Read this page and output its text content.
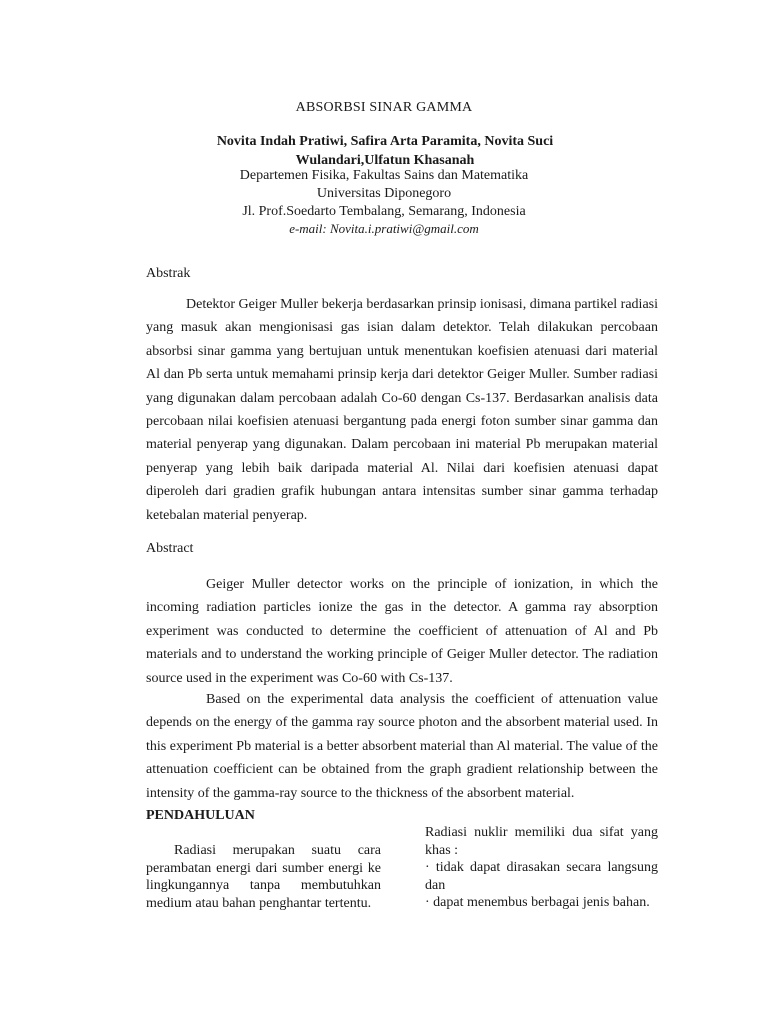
ABSORBSI SINAR GAMMA
Novita Indah Pratiwi, Safira Arta Paramita, Novita Suci Wulandari,Ulfatun Khasanah
Departemen Fisika, Fakultas Sains dan Matematika
Universitas Diponegoro
Jl. Prof.Soedarto Tembalang, Semarang, Indonesia
e-mail: Novita.i.pratiwi@gmail.com
Abstrak

Detektor Geiger Muller bekerja berdasarkan prinsip ionisasi, dimana partikel radiasi yang masuk akan mengionisasi gas isian dalam detektor. Telah dilakukan percobaan absorbsi sinar gamma yang bertujuan untuk menentukan koefisien atenuasi dari material Al dan Pb serta untuk memahami prinsip kerja dari detektor Geiger Muller. Sumber radiasi yang digunakan dalam percobaan adalah Co-60 dengan Cs-137. Berdasarkan analisis data percobaan nilai koefisien atenuasi bergantung pada energi foton sumber sinar gamma dan material penyerap yang digunakan. Dalam percobaan ini material Pb merupakan material penyerap yang lebih baik daripada material Al. Nilai dari koefisien atenuasi dapat diperoleh dari gradien grafik hubungan antara intensitas sumber sinar gamma terhadap ketebalan material penyerap.

Abstract

Geiger Muller detector works on the principle of ionization, in which the incoming radiation particles ionize the gas in the detector. A gamma ray absorption experiment was conducted to determine the coefficient of attenuation of Al and Pb materials and to understand the working principle of Geiger Muller detector. The radiation source used in the experiment was Co-60 with Cs-137.

Based on the experimental data analysis the coefficient of attenuation value depends on the energy of the gamma ray source photon and the absorbent material used. In this experiment Pb material is a better absorbent material than Al material. The value of the attenuation coefficient can be obtained from the graph gradient relationship between the intensity of the gamma-ray source to the thickness of the absorbent material.

PENDAHULUAN

Radiasi merupakan suatu cara perambatan energi dari sumber energi ke lingkungannya tanpa membutuhkan medium atau bahan penghantar tertentu.

Radiasi nuklir memiliki dua sifat yang khas :
· tidak dapat dirasakan secara langsung dan
· dapat menembus berbagai jenis bahan.
